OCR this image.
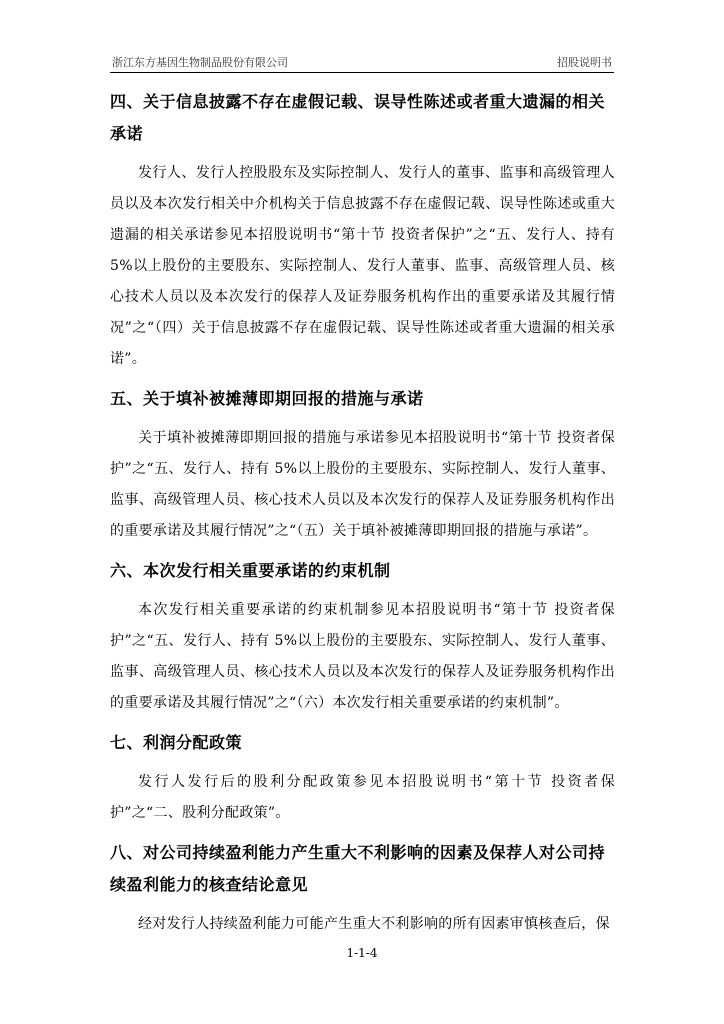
浙江东方基因生物制品股份有限公司	招股说明书
四、关于信息披露不存在虚假记载、误导性陈述或者重大遗漏的相关承诺

发行人、发行人控股股东及实际控制人、发行人的董事、监事和高级管理人员以及本次发行相关中介机构关于信息披露不存在虚假记载、误导性陈述或重大遗漏的相关承诺参见本招股说明书“第十节 投资者保护”之“五、发行人、持有 5%以上股份的主要股东、实际控制人、发行人董事、监事、高级管理人员、核心技术人员以及本次发行的保荐人及证券服务机构作出的重要承诺及其履行情况”之“（四）关于信息披露不存在虚假记载、误导性陈述或者重大遗漏的相关承诺”。

五、关于填补被摊薄即期回报的措施与承诺

关于填补被摊薄即期回报的措施与承诺参见本招股说明书“第十节 投资者保护”之“五、发行人、持有 5%以上股份的主要股东、实际控制人、发行人董事、监事、高级管理人员、核心技术人员以及本次发行的保荐人及证券服务机构作出的重要承诺及其履行情况”之“（五）关于填补被摊薄即期回报的措施与承诺”。

六、本次发行相关重要承诺的约束机制

本次发行相关重要承诺的约束机制参见本招股说明书“第十节 投资者保护”之“五、发行人、持有 5%以上股份的主要股东、实际控制人、发行人董事、监事、高级管理人员、核心技术人员以及本次发行的保荐人及证券服务机构作出的重要承诺及其履行情况”之“（六）本次发行相关重要承诺的约束机制”。

七、利润分配政策

发行人发行后的股利分配政策参见本招股说明书“第十节 投资者保护”之“二、股利分配政策”。

八、对公司持续盈利能力产生重大不利影响的因素及保荐人对公司持续盈利能力的核查结论意见

经对发行人持续盈利能力可能产生重大不利影响的所有因素审慎核查后，保

1-1-4
